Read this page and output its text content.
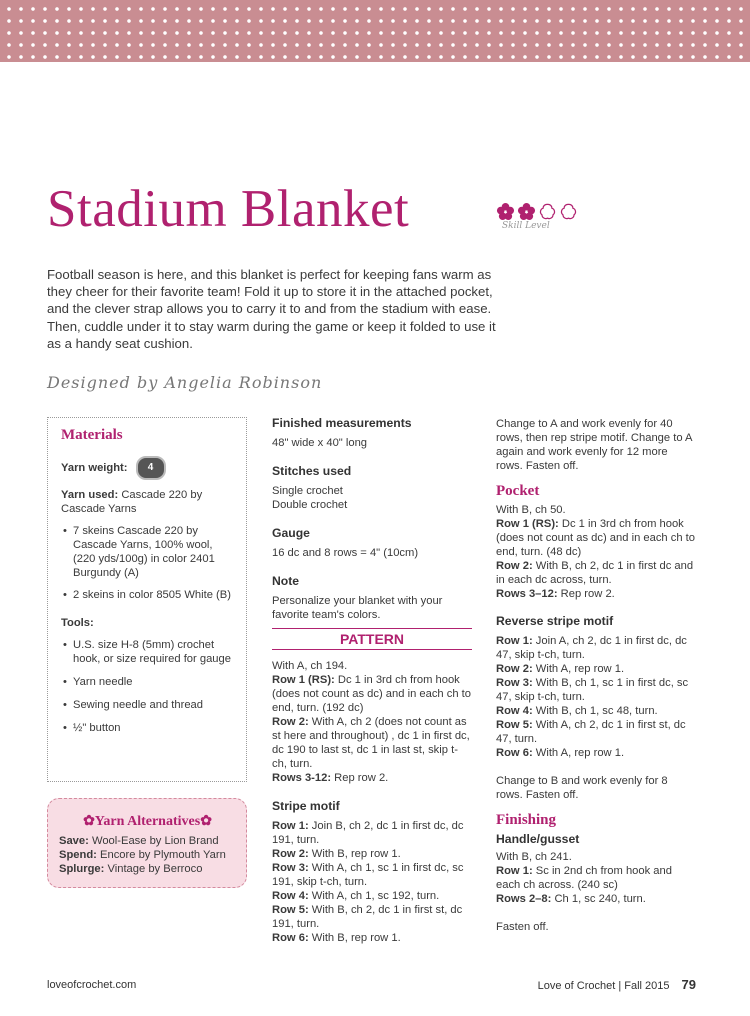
Stadium Blanket	Skill Level

Football season is here, and this blanket is perfect for keeping fans warm as they cheer for their favorite team! Fold it up to store it in the attached pocket, and the clever strap allows you to carry it to and from the stadium with ease. Then, cuddle under it to stay warm during the game or keep it folded to use it as a handy seat cushion.

Designed by Angelia Robinson
Materials
Yarn weight:	4

Yarn used: Cascade 220 by Cascade Yarns

• 7 skeins Cascade 220 by Cascade Yarns, 100% wool, (220 yds/100g) in color 2401 Burgundy (A)
• 2 skeins in color 8505 White (B)

Tools:

• U.S. size H-8 (5mm) crochet hook, or size required for gauge
• Yarn needle
• Sewing needle and thread
• ½" button
✿Yarn Alternatives✿
Save: Wool-Ease by Lion Brand
Spend: Encore by Plymouth Yarn
Splurge: Vintage by Berroco
Finished measurements

48" wide x 40" long

Stitches used

Single crochet

Double crochet

Gauge

16 dc and 8 rows = 4" (10cm)

Note

Personalize your blanket with your favorite team's colors.

PATTERN

With A, ch 194.

Row 1 (RS): Dc 1 in 3rd ch from hook (does not count as dc) and in each ch to end, turn. (192 dc)

Row 2: With A, ch 2 (does not count as st here and throughout) , dc 1 in first dc, dc 190 to last st, dc 1 in last st, skip t-ch, turn.

Rows 3-12: Rep row 2.

Stripe motif

Row 1: Join B, ch 2, dc 1 in first dc, dc 191, turn.

Row 2: With B, rep row 1.

Row 3: With A, ch 1, sc 1 in first dc, sc 191, skip t-ch, turn.

Row 4: With A, ch 1, sc 192, turn.

Row 5: With B, ch 2, dc 1 in first st, dc 191, turn.

Row 6: With B, rep row 1.

Change to A and work evenly for 40 rows, then rep stripe motif. Change to A again and work evenly for 12 more rows. Fasten off.

Pocket

With B, ch 50.

Row 1 (RS): Dc 1 in 3rd ch from hook (does not count as dc) and in each ch to end, turn. (48 dc)

Row 2: With B, ch 2, dc 1 in first dc and in each dc across, turn.

Rows 3–12: Rep row 2.

Reverse stripe motif

Row 1: Join A, ch 2, dc 1 in first dc, dc 47, skip t-ch, turn.

Row 2: With A, rep row 1.

Row 3: With B, ch 1, sc 1 in first dc, sc 47, skip t-ch, turn.

Row 4: With B, ch 1, sc 48, turn.

Row 5: With A, ch 2, dc 1 in first st, dc 47, turn.

Row 6: With A, rep row 1.

Change to B and work evenly for 8 rows. Fasten off.

Finishing
Handle/gusset

With B, ch 241.

Row 1: Sc in 2nd ch from hook and each ch across. (240 sc)

Rows 2–8: Ch 1, sc 240, turn.

Fasten off.

loveofcrochet.com	Love of Crochet | Fall 2015 79
